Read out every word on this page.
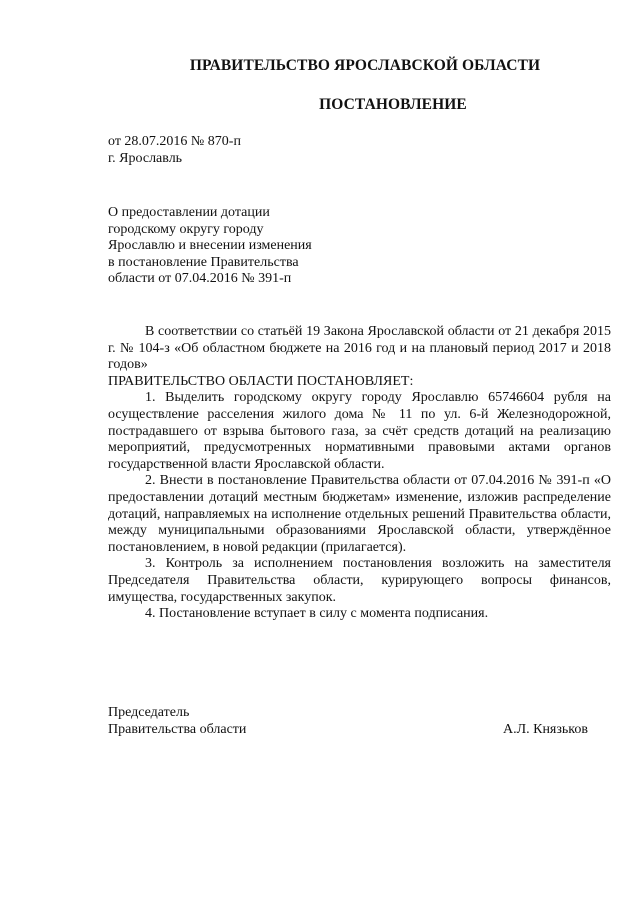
ПРАВИТЕЛЬСТВО ЯРОСЛАВСКОЙ ОБЛАСТИ
ПОСТАНОВЛЕНИЕ
от 28.07.2016 № 870-п
г. Ярославль
О предоставлении дотации
городскому округу городу
Ярославлю и внесении изменения
в постановление Правительства
области от 07.04.2016 № 391-п

В соответствии со статьёй 19 Закона Ярославской области от 21 декабря 2015 г. № 104-з «Об областном бюджете на 2016 год и на плановый период 2017 и 2018 годов»

ПРАВИТЕЛЬСТВО ОБЛАСТИ ПОСТАНОВЛЯЕТ:

1. Выделить городскому округу городу Ярославлю 65746604 рубля на осуществление расселения жилого дома № 11 по ул. 6-й Железнодорожной, пострадавшего от взрыва бытового газа, за счёт средств дотаций на реализацию мероприятий, предусмотренных нормативными правовыми актами органов государственной власти Ярославской области.

2. Внести в постановление Правительства области от 07.04.2016 № 391-п «О предоставлении дотаций местным бюджетам» изменение, изложив распределение дотаций, направляемых на исполнение отдельных решений Правительства области, между муниципальными образованиями Ярославской области, утверждённое постановлением, в новой редакции (прилагается).

3. Контроль за исполнением постановления возложить на заместителя Председателя Правительства области, курирующего вопросы финансов, имущества, государственных закупок.

4. Постановление вступает в силу с момента подписания.

Председатель
Правительства области	А.Л. Князьков
